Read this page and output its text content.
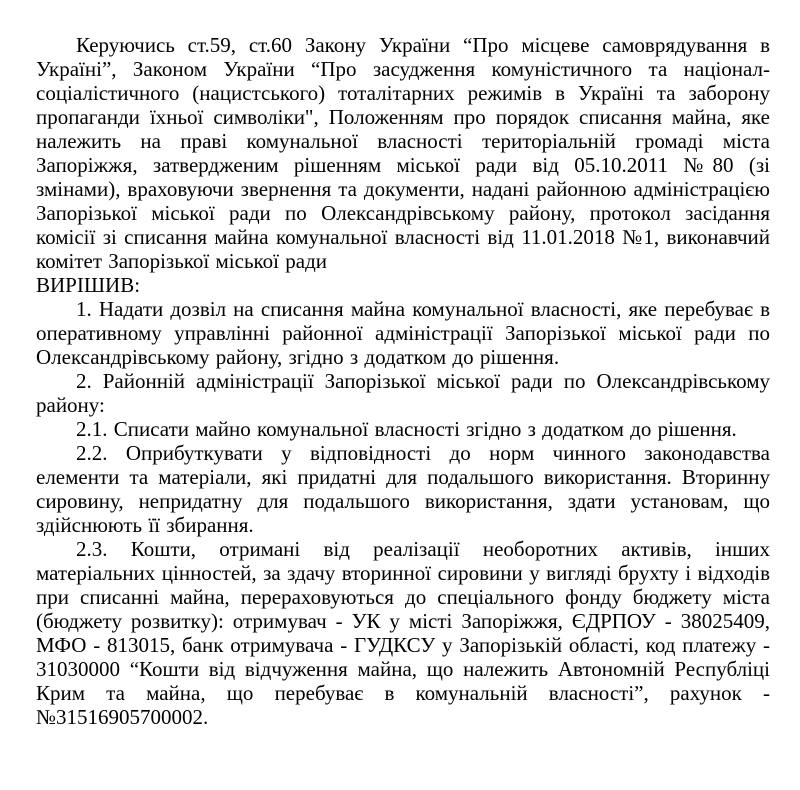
Керуючись ст.59, ст.60 Закону України “Про місцеве самоврядування в Україні”, Законом України “Про засудження комуністичного та націонал-соціалістичного (нацистського) тоталітарних режимів в Україні та заборону пропаганди їхньої символіки", Положенням про порядок списання майна, яке належить на праві комунальної власності територіальній громаді міста Запоріжжя, затвердженим рішенням міської ради від 05.10.2011 №80 (зі змінами), враховуючи звернення та документи, надані районною адміністрацією Запорізької міської ради по Олександрівському району, протокол засідання комісії зі списання майна комунальної власності від 11.01.2018 №1, виконавчий комітет Запорізької міської ради

ВИРІШИВ:

1. Надати дозвіл на списання майна комунальної власності, яке перебуває в оперативному управлінні районної адміністрації Запорізької міської ради по Олександрівському району, згідно з додатком до рішення.

2. Районній адміністрації Запорізької міської ради по Олександрівському району:

2.1. Списати майно комунальної власності згідно з додатком до рішення.

2.2. Оприбуткувати у відповідності до норм чинного законодавства елементи та матеріали, які придатні для подальшого використання. Вторинну сировину, непридатну для подальшого використання, здати установам, що здійснюють її збирання.

2.3. Кошти, отримані від реалізації необоротних активів, інших матеріальних цінностей, за здачу вторинної сировини у вигляді брухту і відходів при списанні майна, перераховуються до спеціального фонду бюджету міста (бюджету розвитку): отримувач - УК у місті Запоріжжя, ЄДРПОУ - 38025409, МФО - 813015, банк отримувача - ГУДКСУ у Запорізькій області, код платежу - 31030000 “Кошти від відчуження майна, що належить Автономній Республіці Крим та майна, що перебуває в комунальній власності”, рахунок - №31516905700002.
